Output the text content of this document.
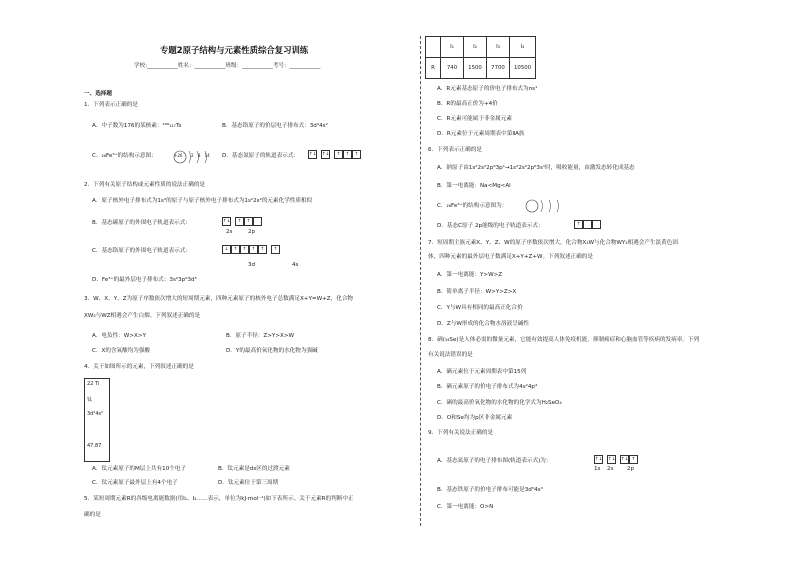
专题2原子结构与元素性质综合复习训练
学校:___________姓名：___________班级：___________考号：___________
一、选择题
1．下列表示正确的是
A．中子数为176的某核素：²⁹⁸₁₁₇Ts	B．基态铬原子的价层电子排布式：3d⁴4s²
C．₂₆Fe³⁺的结构示意图：	+26 2 8 14 D．基态氮原子的轨道表示式： ↑↓ ↑↓ ↑ ↑ ↑
2．下列有关原子结构或元素性质的说法正确的是
A．原子核外电子排布式为1s²的原子与原子核外电子排布式为1s²2s²的元素化学性质相似
B．基态碳原子的外围电子轨道表示式：	↑↓ ↑ ↑
2s	2p
C．基态铬原子的外围电子轨道表示式：	↓ ↑ ↑ ↑ ↑ ↑
3d	4s
D．Fe³⁺的最外层电子排布式：3s²3p⁶3d⁵
3．W、X、Y、Z为原子序数依次增大的短周期元素，四种元素原子的核外电子总数满足X+Y=W+Z，化合物
XW₃与WZ相遇会产生白烟。下列叙述正确的是
A．电负性：W>X>Y	B．原子半径：Z>Y>X>W
C．X的含氧酸均为强酸	D．Y的最高价氧化物的水化物为强碱
4．关于如图所示的元素，下列叙述正确的是
22 Ti
钛
3d²4s²
47.87
A．钛元素原子的M层上共有10个电子	B．钛元素是ds区的过渡元素
C．钛元素原子最外层上有4个电子	D．钛元素位于第三周期
5．某短周期元素R的各级电离能数据(用I₁、I₂……表示，单位为kJ·mol⁻¹)如下表所示。关于元素R的判断中正
确的是
	I₁	I₂	I₃	I₄
R	740	1500	7700	10500
A．R元素基态原子的价电子排布式为ns¹
B．R的最高正价为+4价
C．R元素可能属于非金属元素
D．R元素位于元素周期表中第ⅡA族
6．下列表示正确的是
A．钠原子由1s²2s²2p⁶3p¹→1s²2s²2p⁶3s¹时，吸收能量，由激发态转化成基态
B．第一电离能：Na<Mg<Al
C．₂₆Fe³⁺的结构示意图为：
D．基态C原子 2p能级的电子轨道表示式：	↑
7．短周期主族元素X、Y、Z、W的原子序数依次增大，化合物X₂W与化合物WY₂相遇会产生淡黄色固
体，四种元素的最外层电子数满足X+Y+Z+W。下列叙述正确的是
A．第一电离能：Y>W>Z
B．简单离子半径：W>Y>Z>X
C．Y与W具有相同的最高正化合价
D．Z与W形成的化合物水溶液呈碱性
8．硒(₃₄Se)是人体必需的微量元素，它能有效提高人体免疫机能，抑制癌症和心脑血管等疾病的发病率。下列
有关说法错误的是
A．硒元素位于元素周期表中第15列
B．硒元素原子的价电子排布式为4s²4p⁴
C．硒的最高价氧化物的水化物的化学式为H₂SeO₄
D．O和Se均为p区非金属元素
9．下列有关说法正确的是
A．基态氮原子的电子排布图(轨道表示式)为：	↑↓ ↑↓ ↑↓ ↑
1s 2s 2p
B．基态铁原子的价电子排布可能是3d⁵4s³
C．第一电离能：O>N
